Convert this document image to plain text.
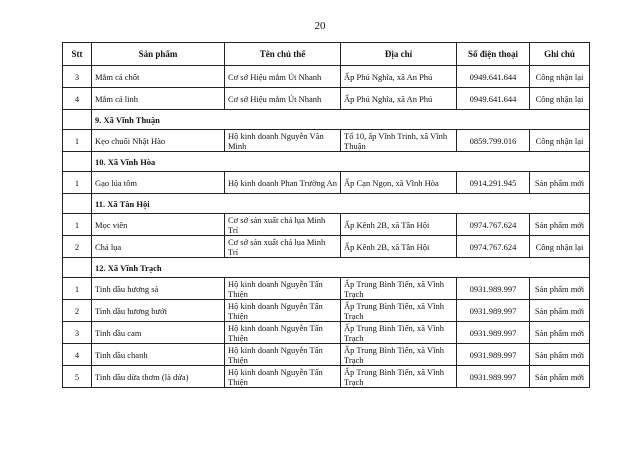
20
Stt	Sản phẩm	Tên chủ thể	Địa chỉ	Số điện thoại	Ghi chú
3	Mắm cá chốt	Cơ sở Hiệu mắm Út Nhanh	Ấp Phú Nghĩa, xã An Phú	0949.641.644	Công nhận lại
4	Mắm cá linh	Cơ sở Hiệu mắm Út Nhanh	Ấp Phú Nghĩa, xã An Phú	0949.641.644	Công nhận lại
	9. Xã Vĩnh Thuận				
1	Kẹo chuối Nhật Hào	Hộ kinh doanh Nguyễn Văn Minh	Tổ 10, ấp Vĩnh Trinh, xã Vĩnh Thuận	0859.799.016	Công nhận lại
	10. Xã Vĩnh Hòa				
1	Gạo lúa tôm	Hộ kinh doanh Phan Trường An	Ấp Cạn Ngọn, xã Vĩnh Hòa	0914.291.945	Sản phẩm mới
	11. Xã Tân Hội				
1	Mọc viên	Cơ sở sản xuất chả lụa Minh Trí	Ấp Kênh 2B, xã Tân Hội	0974.767.624	Sản phẩm mới
2	Chả lụa	Cơ sở sản xuất chả lụa Minh Trí	Ấp Kênh 2B, xã Tân Hội	0974.767.624	Công nhận lại
	12. Xã Vĩnh Trạch				
1	Tinh dầu hương sả	Hộ kinh doanh Nguyễn Tấn Thiện	Ấp Trung Bình Tiến, xã Vĩnh Trạch	0931.989.997	Sản phẩm mới
2	Tinh dầu hương bưởi	Hộ kinh doanh Nguyễn Tấn Thiện	Ấp Trung Bình Tiến, xã Vĩnh Trạch	0931.989.997	Sản phẩm mới
3	Tinh dầu cam	Hộ kinh doanh Nguyễn Tấn Thiện	Ấp Trung Bình Tiến, xã Vĩnh Trạch	0931.989.997	Sản phẩm mới
4	Tinh dầu chanh	Hộ kinh doanh Nguyễn Tấn Thiện	Ấp Trung Bình Tiến, xã Vĩnh Trạch	0931.989.997	Sản phẩm mới
5	Tinh dầu dừa thơm (là dứa)	Hộ kinh doanh Nguyễn Tấn Thiện	Ấp Trung Bình Tiến, xã Vĩnh Trạch	0931.989.997	Sản phẩm mới
